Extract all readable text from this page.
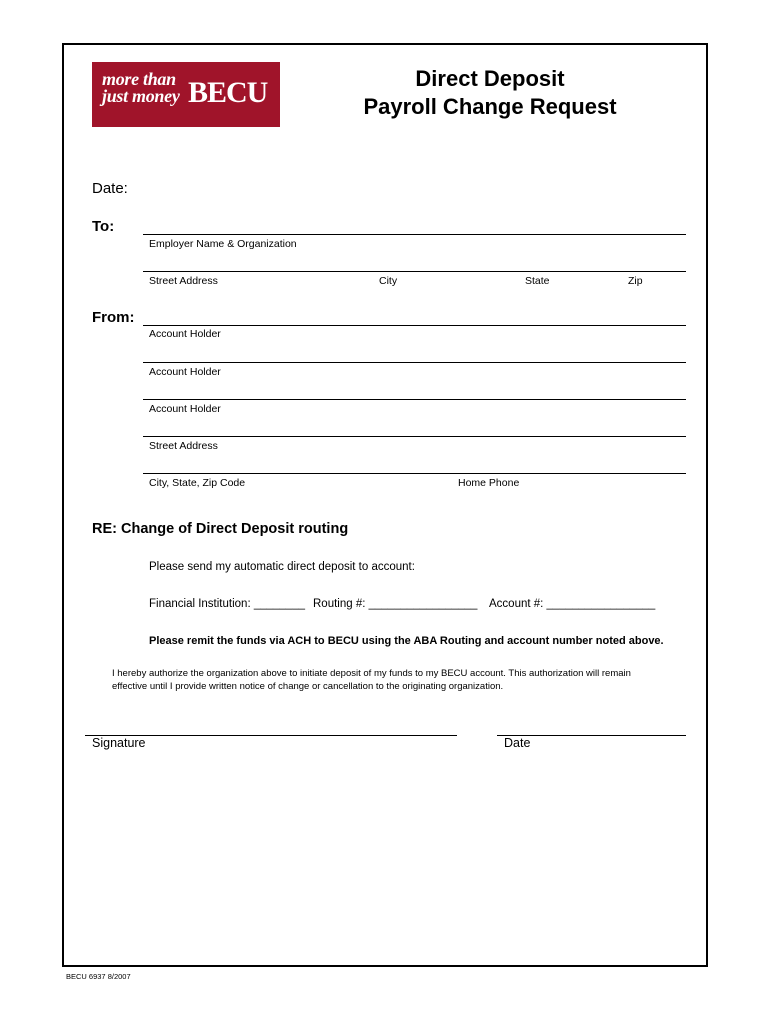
more than
just money BECU	Direct Deposit
Payroll Change Request
Date:
To:
Employer Name & Organization
Street Address	City	State	Zip
From:
Account Holder
Account Holder
Account Holder
Street Address
City, State, Zip Code	Home Phone
RE: Change of Direct Deposit routing
Please send my automatic direct deposit to account:
Financial Institution: ________ Routing #: _________________ Account #: _________________
Please remit the funds via ACH to BECU using the ABA Routing and account number noted above.
I hereby authorize the organization above to initiate deposit of my funds to my BECU account. This authorization will remain
effective until I provide written notice of change or cancellation to the originating organization.
Signature	Date
BECU 6937 8/2007
